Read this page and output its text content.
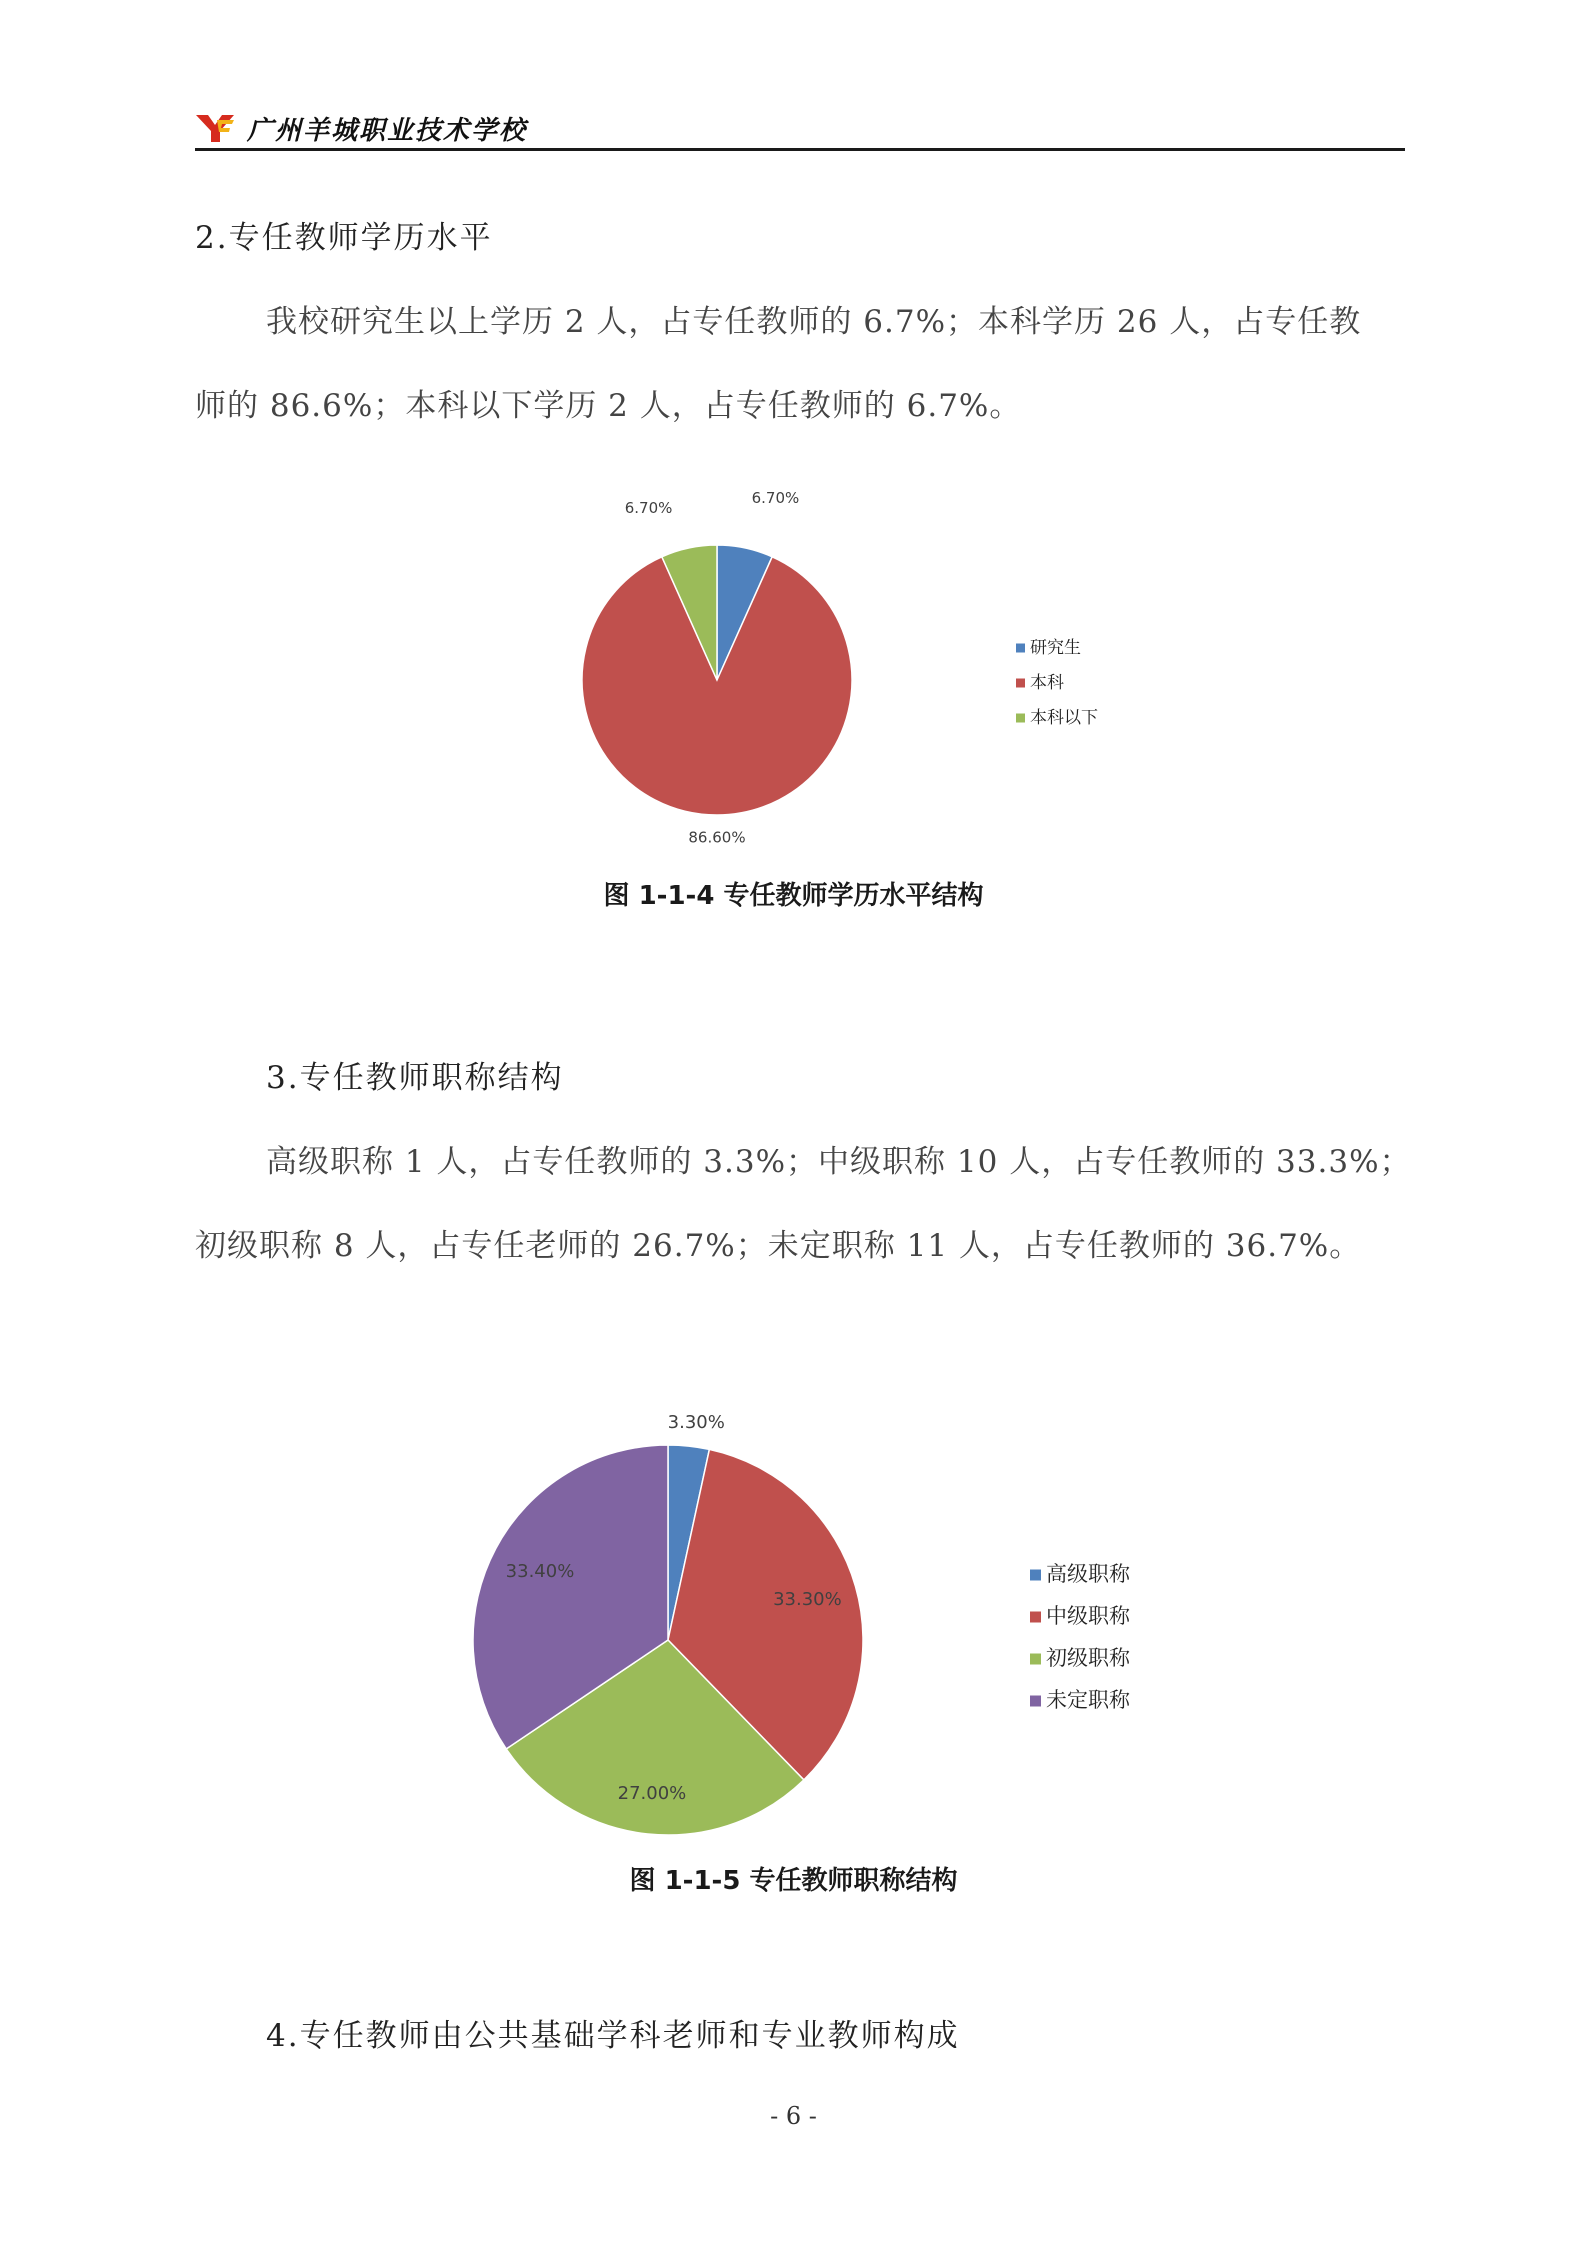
广州羊城职业技术学校
2.专任教师学历水平
我校研究生以上学历 2 人，占专任教师的 6.7%；本科学历 26 人，占专任教
师的 86.6%；本科以下学历 2 人，占专任教师的 6.7%。
6.70%
86.60%
6.70%
研究生
本科
本科以下
图 1-1-4 专任教师学历水平结构
3.专任教师职称结构
高级职称 1 人，占专任教师的 3.3%；中级职称 10 人，占专任教师的 33.3%；
初级职称 8 人，占专任老师的 26.7%；未定职称 11 人，占专任教师的 36.7%。
3.30%
33.30%
27.00%
33.40%	高级职称
中级职称
初级职称
未定职称
图 1-1-5 专任教师职称结构
4.专任教师由公共基础学科老师和专业教师构成
- 6 -
